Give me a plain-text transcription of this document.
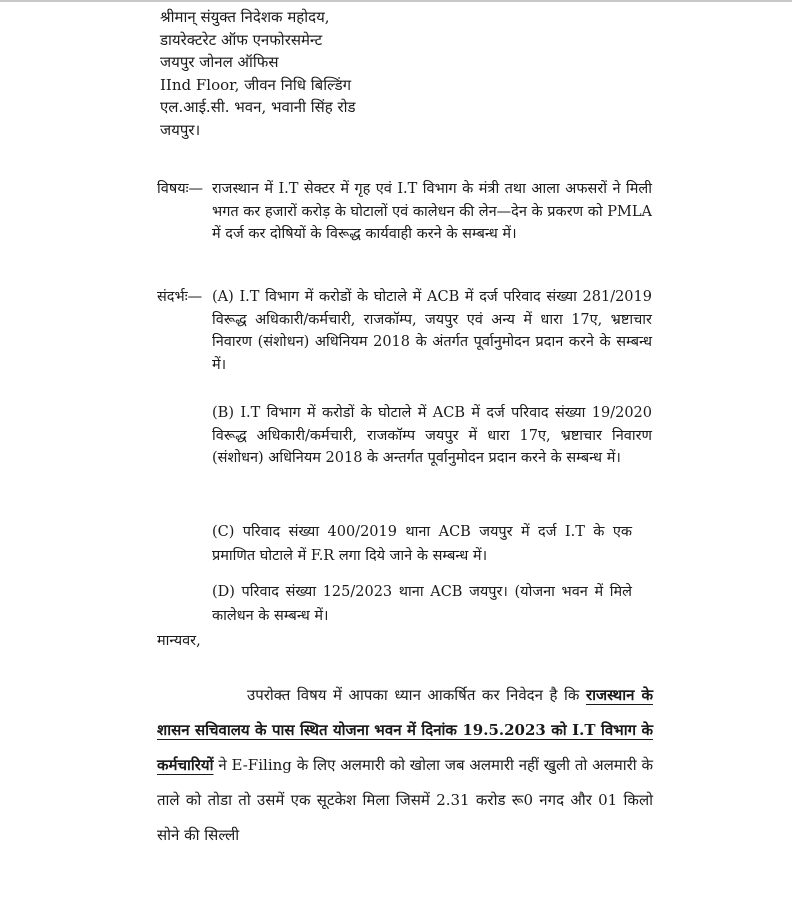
श्रीमान् संयुक्त निदेशक महोदय,
डायरेक्टरेट ऑफ एनफोरसमेन्ट
जयपुर जोनल ऑफिस
IInd Floor, जीवन निधि बिल्डिंग
एल.आई.सी. भवन, भवानी सिंह रोड
जयपुर।
विषयः— राजस्थान में I.T सेक्टर में गृह एवं I.T विभाग के मंत्री तथा आला अफसरों ने मिली भगत कर हजारों करोड़ के घोटालों एवं कालेधन की लेन—देन के प्रकरण को PMLA में दर्ज कर दोषियों के विरूद्ध कार्यवाही करने के सम्बन्ध में।
संदर्भः— (A) I.T विभाग में करोडों के घोटाले में ACB में दर्ज परिवाद संख्या 281/2019 विरूद्ध अधिकारी/कर्मचारी, राजकॉम्प, जयपुर एवं अन्य में धारा 17ए, भ्रष्टाचार निवारण (संशोधन) अधिनियम 2018 के अंतर्गत पूर्वानुमोदन प्रदान करने के सम्बन्ध में।
(B) I.T विभाग में करोडों के घोटाले में ACB में दर्ज परिवाद संख्या 19/2020 विरूद्ध अधिकारी/कर्मचारी, राजकॉम्प जयपुर में धारा 17ए, भ्रष्टाचार निवारण (संशोधन) अधिनियम 2018 के अन्तर्गत पूर्वानुमोदन प्रदान करने के सम्बन्ध में।
(C) परिवाद संख्या 400/2019 थाना ACB जयपुर में दर्ज I.T के एक प्रमाणित घोटाले में F.R लगा दिये जाने के सम्बन्ध में।
(D) परिवाद संख्या 125/2023 थाना ACB जयपुर। (योजना भवन में मिले कालेधन के सम्बन्ध में।
मान्यवर,
उपरोक्त विषय में आपका ध्यान आकर्षित कर निवेदन है कि राजस्थान के शासन सचिवालय के पास स्थित योजना भवन में दिनांक 19.5.2023 को I.T विभाग के कर्मचारियों ने E-Filing के लिए अलमारी को खोला जब अलमारी नहीं खुली तो अलमारी के ताले को तोडा तो उसमें एक सूटकेश मिला जिसमें 2.31 करोड रू0 नगद और 01 किलो सोने की सिल्ली
